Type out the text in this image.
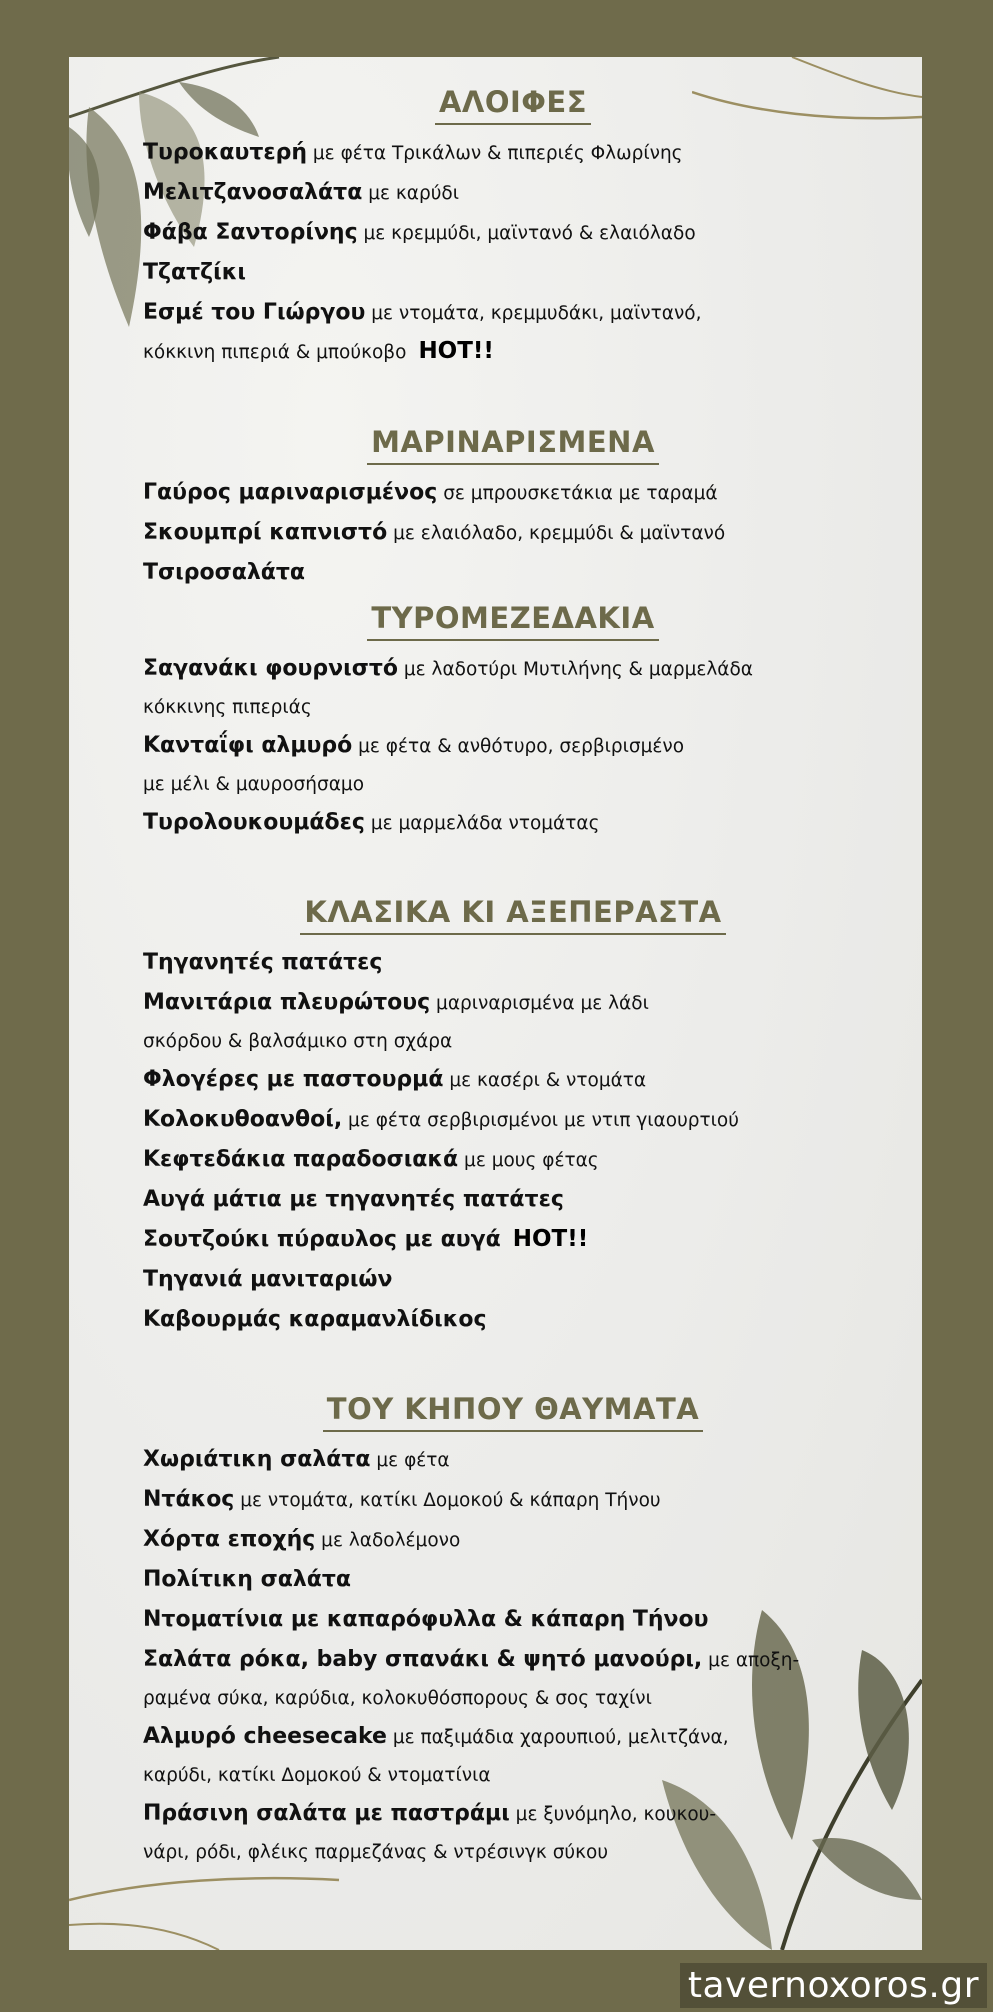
ΑΛΟΙΦΕΣ
Τυροκαυτερή με φέτα Τρικάλων & πιπεριές Φλωρίνης
Μελιτζανοσαλάτα με καρύδι
Φάβα Σαντορίνης με κρεμμύδι, μαϊντανό & ελαιόλαδο
Τζατζίκι
Εσμέ του Γιώργου με ντομάτα, κρεμμυδάκι, μαϊντανό,
κόκκινη πιπεριά & μπούκοβο HOT!!
ΜΑΡΙΝΑΡΙΣΜΕΝΑ
Γαύρος μαριναρισμένος σε μπρουσκετάκια με ταραμά
Σκουμπρί καπνιστό με ελαιόλαδο, κρεμμύδι & μαϊντανό
Τσιροσαλάτα
ΤΥΡΟΜΕΖΕΔΑΚΙΑ
Σαγανάκι φουρνιστό με λαδοτύρι Μυτιλήνης & μαρμελάδα
κόκκινης πιπεριάς
Κανταΐφι αλμυρό με φέτα & ανθότυρο, σερβιρισμένο
με μέλι & μαυροσήσαμο
Τυρολουκουμάδες με μαρμελάδα ντομάτας
ΚΛΑΣΙΚΑ ΚΙ ΑΞΕΠΕΡΑΣΤΑ
Τηγανητές πατάτες
Μανιτάρια πλευρώτους μαριναρισμένα με λάδι
σκόρδου & βαλσάμικο στη σχάρα
Φλογέρες με παστουρμά με κασέρι & ντομάτα
Κολοκυθοανθοί, με φέτα σερβιρισμένοι με ντιπ γιαουρτιού
Κεφτεδάκια παραδοσιακά με μους φέτας
Αυγά μάτια με τηγανητές πατάτες
Σουτζούκι πύραυλος με αυγά HOT!!
Τηγανιά μανιταριών
Καβουρμάς καραμανλίδικος
ΤΟΥ ΚΗΠΟΥ ΘΑΥΜΑΤΑ
Χωριάτικη σαλάτα με φέτα
Ντάκος με ντομάτα, κατίκι Δομοκού & κάπαρη Τήνου
Χόρτα εποχής με λαδολέμονο
Πολίτικη σαλάτα
Ντοματίνια με καπαρόφυλλα & κάπαρη Τήνου
Σαλάτα ρόκα, baby σπανάκι & ψητό μανούρι, με αποξη-
ραμένα σύκα, καρύδια, κολοκυθόσπορους & σος ταχίνι
Αλμυρό cheesecake με παξιμάδια χαρουπιού, μελιτζάνα,
καρύδι, κατίκι Δομοκού & ντοματίνια
Πράσινη σαλάτα με παστράμι με ξυνόμηλο, κουκου-
νάρι, ρόδι, φλέικς παρμεζάνας & ντρέσινγκ σύκου
tavernoxoros.gr
